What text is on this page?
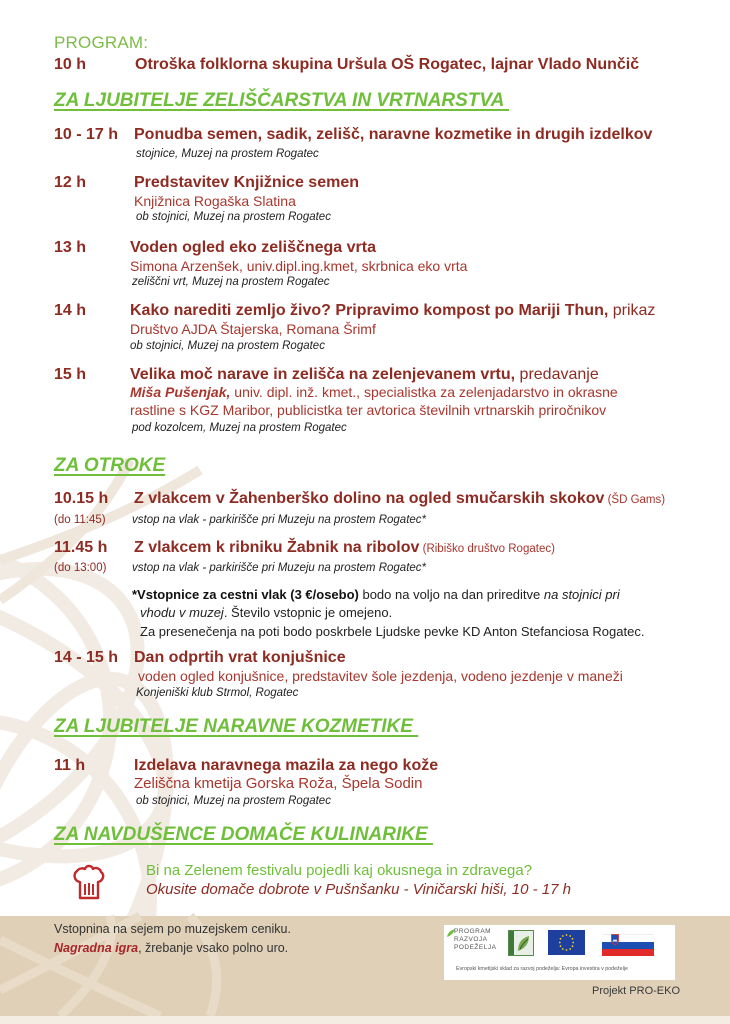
PROGRAM:
10 h	Otroška folklorna skupina Uršula OŠ Rogatec, lajnar Vlado Nunčič
ZA LJUBITELJE ZELIŠČARSTVA IN VRTNARSTVA
10 - 17 h Ponudba semen, sadik, zelišč, naravne kozmetike in drugih izdelkov
stojnice, Muzej na prostem Rogatec
12 h	Predstavitev Knjižnice semen
Knjižnica Rogaška Slatina
ob stojnici, Muzej na prostem Rogatec
13 h	Voden ogled eko zeliščnega vrta
Simona Arzenšek, univ.dipl.ing.kmet, skrbnica eko vrta
zeliščni vrt, Muzej na prostem Rogatec
14 h	Kako narediti zemljo živo? Pripravimo kompost po Mariji Thun, prikaz
Društvo AJDA Štajerska, Romana Šrimf
ob stojnici, Muzej na prostem Rogatec
15 h	Velika moč narave in zelišča na zelenjevanem vrtu, predavanje
Miša Pušenjak, univ. dipl. inž. kmet., specialistka za zelenjadarstvo in okrasne
rastline s KGZ Maribor, publicistka ter avtorica številnih vrtnarskih priročnikov
pod kozolcem, Muzej na prostem Rogatec
ZA OTROKE
10.15 h Z vlakcem v Žahenberško dolino na ogled smučarskih skokov (ŠD Gams)
(do 11:45) vstop na vlak - parkirišče pri Muzeju na prostem Rogatec*
11.45 h Z vlakcem k ribniku Žabnik na ribolov (Ribiško društvo Rogatec)
(do 13:00) vstop na vlak - parkirišče pri Muzeju na prostem Rogatec*
*Vstopnice za cestni vlak (3 €/osebo) bodo na voljo na dan prireditve na stojnici pri
vhodu v muzej. Število vstopnic je omejeno.
Za presenečenja na poti bodo poskrbele Ljudske pevke KD Anton Stefanciosa Rogatec.
14 - 15 h Dan odprtih vrat konjušnice
voden ogled konjušnice, predstavitev šole jezdenja, vodeno jezdenje v maneži
Konjeniški klub Strmol, Rogatec
ZA LJUBITELJE NARAVNE KOZMETIKE
11 h	Izdelava naravnega mazila za nego kože
Zeliščna kmetija Gorska Roža, Špela Sodin
ob stojnici, Muzej na prostem Rogatec
ZA NAVDUŠENCE DOMAČE KULINARIKE
Bi na Zelenem festivalu pojedli kaj okusnega in zdravega?
Okusite domače dobrote v Pušnšanku - Viničarski hiši, 10 - 17 h
Vstopnina na sejem po muzejskem ceniku.
Nagradna igra, žrebanje vsako polno uro.
PROGRAM
RAZVOJA
PODEŽELJA
Evropski kmetijski sklad za razvoj podeželja: Evropa investira v podeželje
Projekt PRO-EKO
